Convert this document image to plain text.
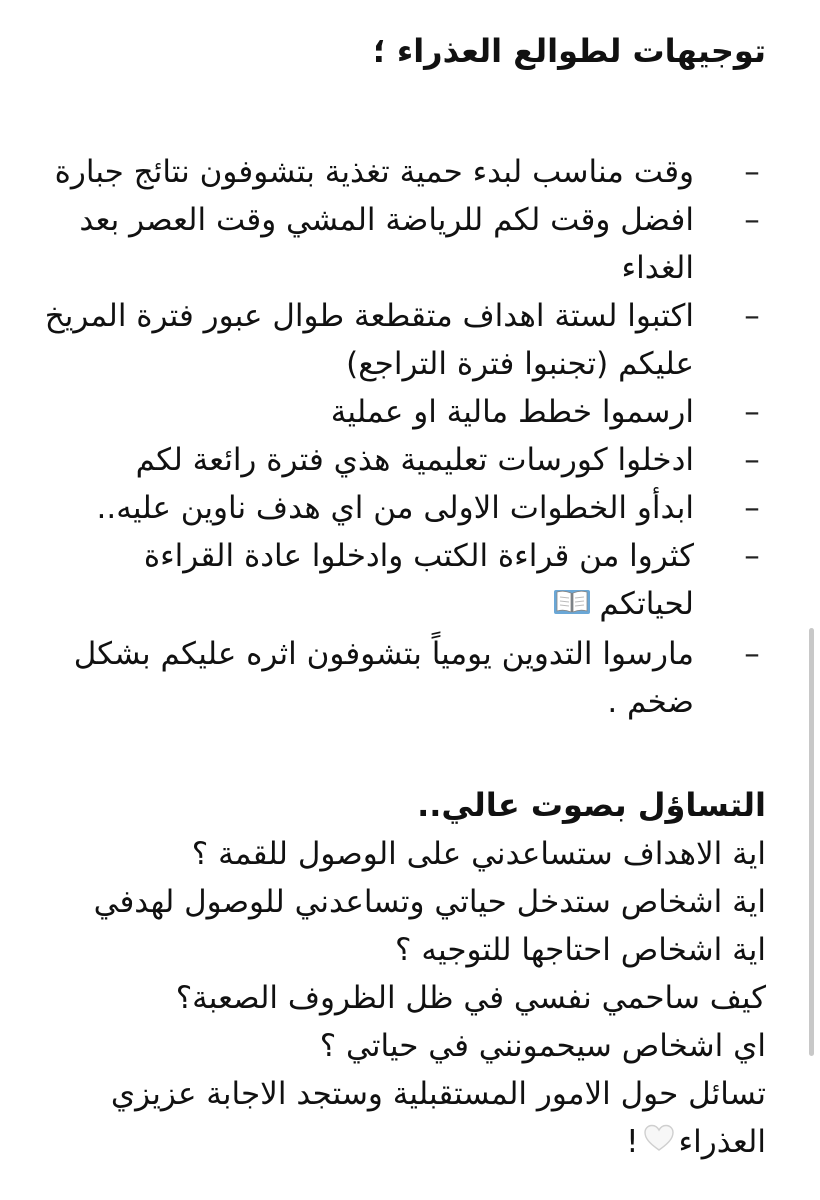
توجيهات لطوالع العذراء ؛
–
وقت مناسب لبدء حمية تغذية بتشوفون نتائج جبارة
–
افضل وقت لكم للرياضة المشي وقت العصر بعد الغداء
–
اكتبوا لستة اهداف متقطعة طوال عبور فترة المريخ عليكم (تجنبوا فترة التراجع)
–
ارسموا خطط مالية او عملية
–
ادخلوا كورسات تعليمية هذي فترة رائعة لكم
–
ابدأو الخطوات الاولى من اي هدف ناوين عليه..
–
كثروا من قراءة الكتب وادخلوا عادة القراءة لحياتكم
–
مارسوا التدوين يومياً بتشوفون اثره عليكم بشكل ضخم .
التساؤل بصوت عالي..

اية الاهداف ستساعدني على الوصول للقمة ؟

اية اشخاص ستدخل حياتي وتساعدني للوصول لهدفي

اية اشخاص احتاجها للتوجيه ؟

كيف ساحمي نفسي في ظل الظروف الصعبة؟

اي اشخاص سيحمونني في حياتي ؟

تسائل حول الامور المستقبلية وستجد الاجابة عزيزي العذراء!
